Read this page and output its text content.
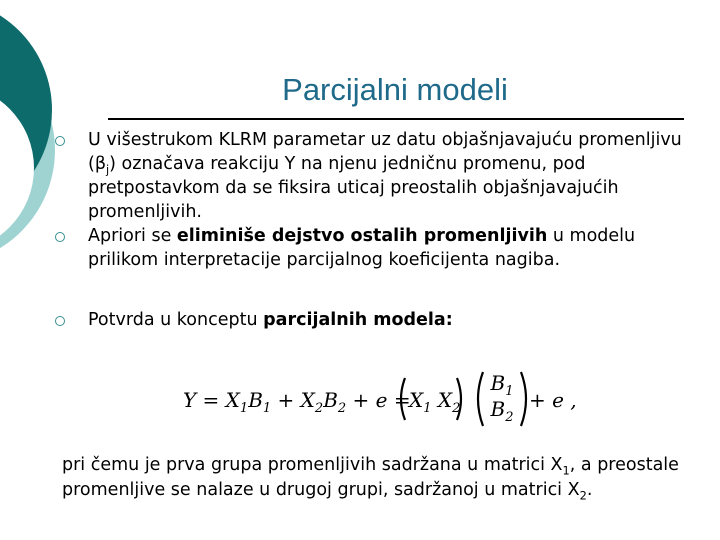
Parcijalni modeli
U višestrukom KLRM parametar uz datu objašnjavajuću promenljivu $(\beta_j)$ označava reakciju Y na njenu jedničnu promenu, pod pretpostavkom da se fiksira uticaj preostalih objašnjavajućih promenljivih.
Apriori se eliminiše dejstvo ostalih promenljivih u modelu prilikom interpretacije parcijalnog koeficijenta nagiba.
Potvrda u konceptu parcijalnih modela:
$Y = X_1B_1 + X_2B_2 + e$ =
$X_1$ $X_2$
$B_1$
$B_2$
+ e ,

pri čemu je prva grupa promenljivih sadržana u matrici $X_1$, a preostale promenljive se nalaze u drugoj grupi, sadržanoj u matrici $X_2$.
